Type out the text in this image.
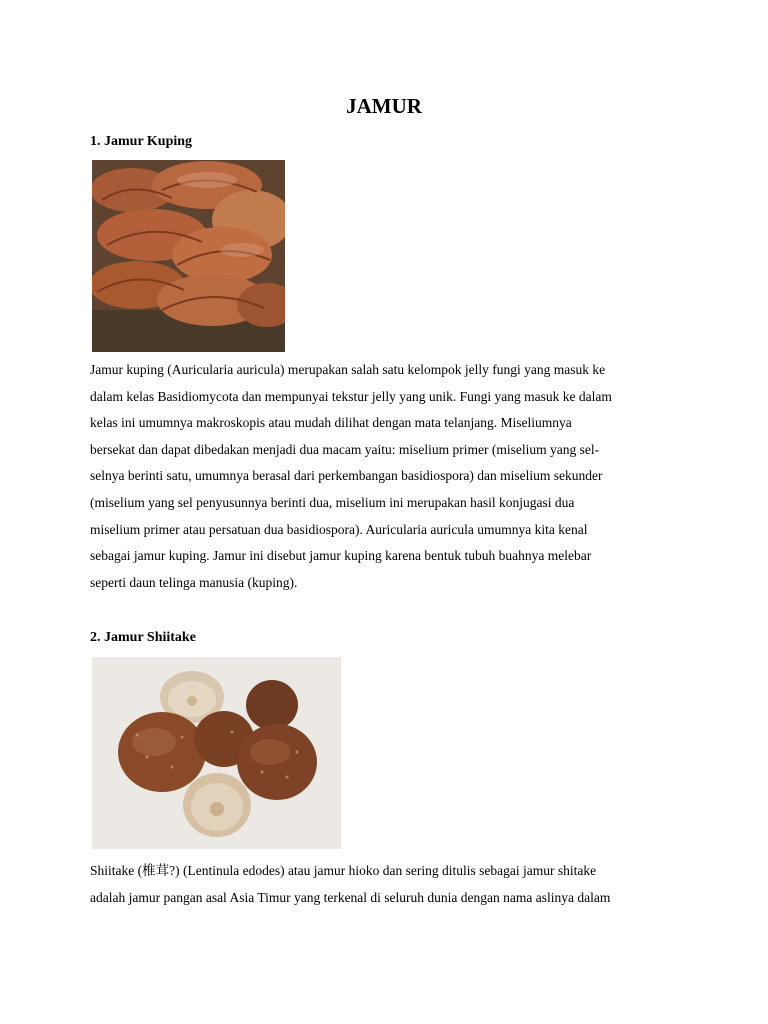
JAMUR
1. Jamur Kuping
Jamur kuping (Auricularia auricula) merupakan salah satu kelompok jelly fungi yang masuk ke
dalam kelas Basidiomycota dan mempunyai tekstur jelly yang unik. Fungi yang masuk ke dalam
kelas ini umumnya makroskopis atau mudah dilihat dengan mata telanjang. Miseliumnya
bersekat dan dapat dibedakan menjadi dua macam yaitu: miselium primer (miselium yang sel-
selnya berinti satu, umumnya berasal dari perkembangan basidiospora) dan miselium sekunder
(miselium yang sel penyusunnya berinti dua, miselium ini merupakan hasil konjugasi dua
miselium primer atau persatuan dua basidiospora). Auricularia auricula umumnya kita kenal
sebagai jamur kuping. Jamur ini disebut jamur kuping karena bentuk tubuh buahnya melebar
seperti daun telinga manusia (kuping).
2. Jamur Shiitake
Shiitake (椎茸?) (Lentinula edodes) atau jamur hioko dan sering ditulis sebagai jamur shitake
adalah jamur pangan asal Asia Timur yang terkenal di seluruh dunia dengan nama aslinya dalam
